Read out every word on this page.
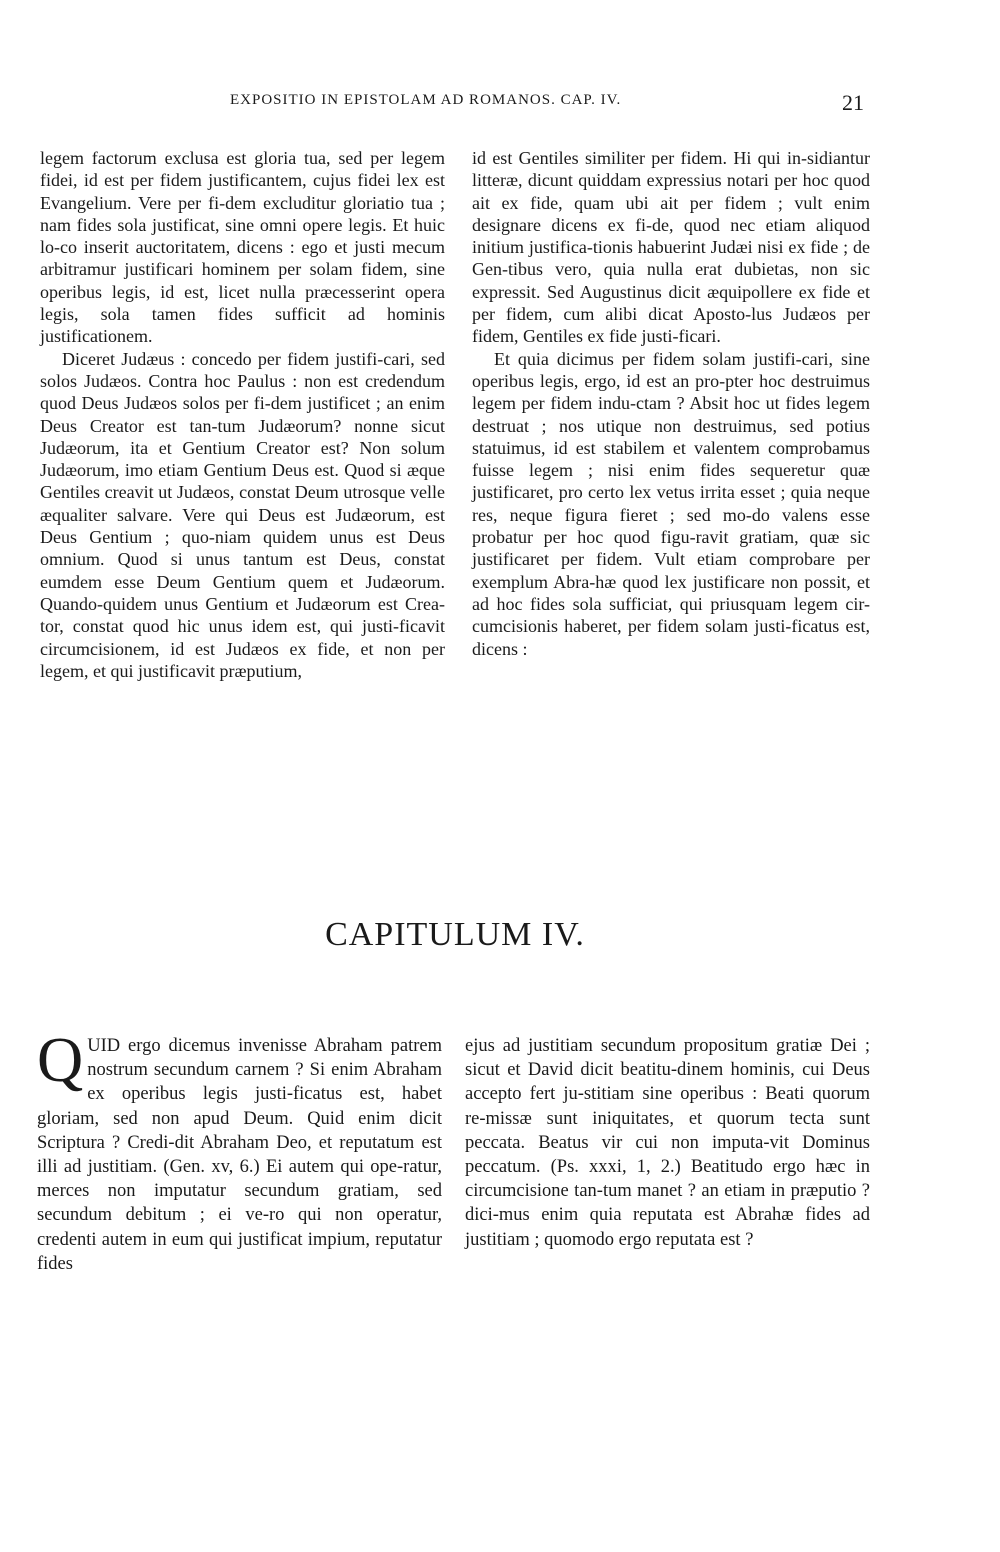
EXPOSITIO IN EPISTOLAM AD ROMANOS. CAP. IV.	21

legem factorum exclusa est gloria tua, sed per legem fidei, id est per fidem justificantem, cujus fidei lex est Evangelium. Vere per fi-dem excluditur gloriatio tua ; nam fides sola justificat, sine omni opere legis. Et huic lo-co inserit auctoritatem, dicens : ego et justi mecum arbitramur justificari hominem per solam fidem, sine operibus legis, id est, licet nulla præcesserint opera legis, sola tamen fides sufficit ad hominis justificationem.

Diceret Judæus : concedo per fidem justifi-cari, sed solos Judæos. Contra hoc Paulus : non est credendum quod Deus Judæos solos per fi-dem justificet ; an enim Deus Creator est tan-tum Judæorum? nonne sicut Judæorum, ita et Gentium Creator est? Non solum Judæorum, imo etiam Gentium Deus est. Quod si æque Gentiles creavit ut Judæos, constat Deum utrosque velle æqualiter salvare. Vere qui Deus est Judæorum, est Deus Gentium ; quo-niam quidem unus est Deus omnium. Quod si unus tantum est Deus, constat eumdem esse Deum Gentium quem et Judæorum. Quando-quidem unus Gentium et Judæorum est Crea-tor, constat quod hic unus idem est, qui justi-ficavit circumcisionem, id est Judæos ex fide, et non per legem, et qui justificavit præputium,

id est Gentiles similiter per fidem. Hi qui in-sidiantur litteræ, dicunt quiddam expressius notari per hoc quod ait ex fide, quam ubi ait per fidem ; vult enim designare dicens ex fi-de, quod nec etiam aliquod initium justifica-tionis habuerint Judæi nisi ex fide ; de Gen-tibus vero, quia nulla erat dubietas, non sic expressit. Sed Augustinus dicit æquipollere ex fide et per fidem, cum alibi dicat Aposto-lus Judæos per fidem, Gentiles ex fide justi-ficari.

Et quia dicimus per fidem solam justifi-cari, sine operibus legis, ergo, id est an pro-pter hoc destruimus legem per fidem indu-ctam ? Absit hoc ut fides legem destruat ; nos utique non destruimus, sed potius statuimus, id est stabilem et valentem comprobamus fuisse legem ; nisi enim fides sequeretur quæ justificaret, pro certo lex vetus irrita esset ; quia neque res, neque figura fieret ; sed mo-do valens esse probatur per hoc quod figu-ravit gratiam, quæ sic justificaret per fidem. Vult etiam comprobare per exemplum Abra-hæ quod lex justificare non possit, et ad hoc fides sola sufficiat, qui priusquam legem cir-cumcisionis haberet, per fidem solam justi-ficatus est, dicens :

CAPITULUM IV.

QUID ergo dicemus invenisse Abraham patrem nostrum secundum carnem ? Si enim Abraham ex operibus legis justi-ficatus est, habet gloriam, sed non apud Deum. Quid enim dicit Scriptura ? Credi-dit Abraham Deo, et reputatum est illi ad justitiam. (Gen. xv, 6.) Ei autem qui ope-ratur, merces non imputatur secundum gratiam, sed secundum debitum ; ei ve-ro qui non operatur, credenti autem in eum qui justificat impium, reputatur fides

ejus ad justitiam secundum propositum gratiæ Dei ; sicut et David dicit beatitu-dinem hominis, cui Deus accepto fert ju-stitiam sine operibus : Beati quorum re-missæ sunt iniquitates, et quorum tecta sunt peccata. Beatus vir cui non imputa-vit Dominus peccatum. (Ps. xxxi, 1, 2.) Beatitudo ergo hæc in circumcisione tan-tum manet ? an etiam in præputio ? dici-mus enim quia reputata est Abrahæ fides ad justitiam ; quomodo ergo reputata est ?
